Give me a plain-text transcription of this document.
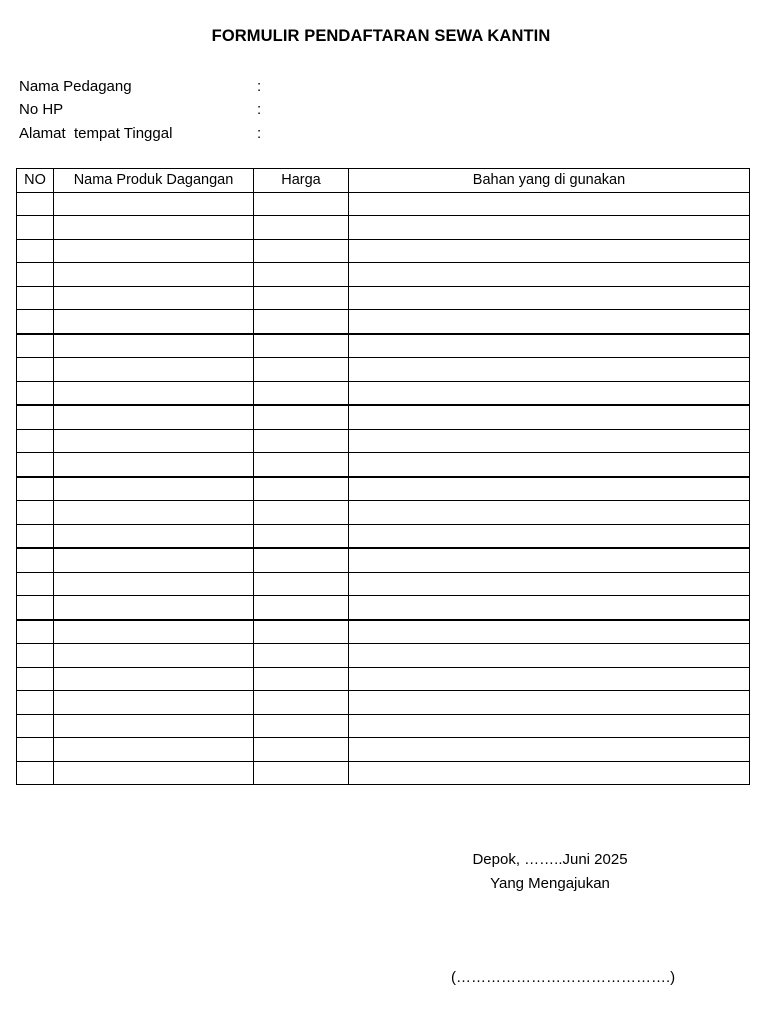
FORMULIR PENDAFTARAN SEWA KANTIN
Nama Pedagang	:
No HP	:
Alamat  tempat Tinggal	:
NO	Nama Produk Dagangan	Harga	Bahan yang di gunakan

Depok, ……..Juni 2025
Yang Mengajukan
(…………………………………….)
